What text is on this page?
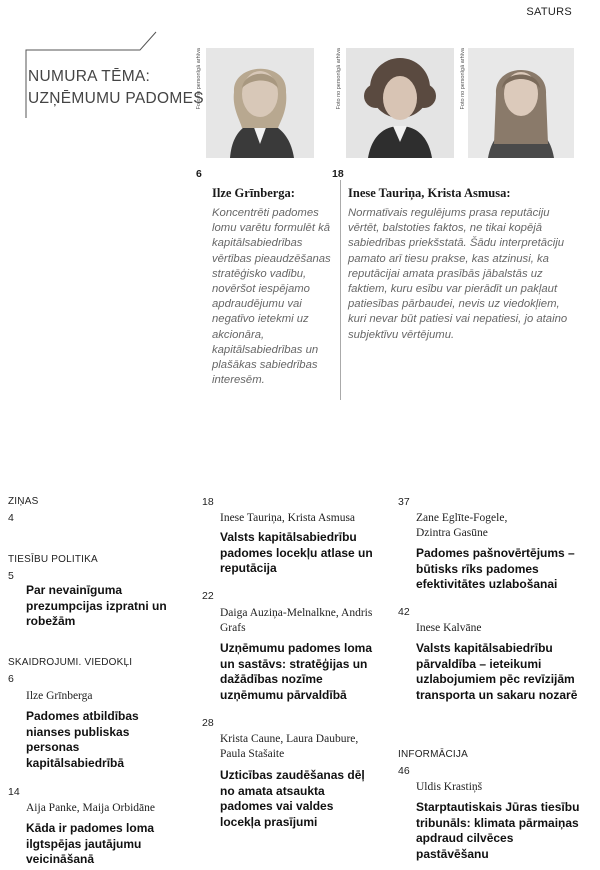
SATURS
NUMURA TĒMA:
UZŅĒMUMU PADOMES
Foto no personīgā arhīva	Foto no personīgā arhīva	Foto no personīgā arhīva
6
Ilze Grīnberga:
Koncentrēti padomes lomu varētu formulēt kā kapitālsabiedrības vērtības pieaudzēšanas stratēģisko vadību, novēršot iespējamo apdraudējumu vai negatīvo ietekmi uz akcionāra, kapitālsabiedrības un plašākas sabiedrības interesēm.
18
Inese Tauriņa, Krista Asmusa:
Normatīvais regulējums prasa reputāciju vērtēt, balstoties faktos, ne tikai kopējā sabiedrības priekšstatā. Šādu interpretāciju pamato arī tiesu prakse, kas atzinusi, ka reputācijai amata prasībās jābalstās uz faktiem, kuru esību var pierādīt un pakļaut patiesības pārbaudei, nevis uz viedokļiem, kuri nevar būt patiesi vai nepatiesi, jo ataino subjektīvu vērtējumu.
ZIŅAS
4
TIESĪBU POLITIKA
5
Par nevainīguma prezumpcijas izpratni un robežām
SKAIDROJUMI. VIEDOKĻI
6
Ilze Grīnberga
Padomes atbildības nianses publiskas personas kapitālsabiedrībā
14
Aija Panke, Maija Orbidāne
Kāda ir padomes loma ilgtspējas jautājumu veicināšanā
18
Inese Tauriņa, Krista Asmusa
Valsts kapitālsabiedrību padomes locekļu atlase un reputācija
22
Daiga Auziņa-Melnalkne, Andris Grafs
Uzņēmumu padomes loma un sastāvs: stratēģijas un dažādības nozīme uzņēmumu pārvaldībā
28
Krista Caune, Laura Daubure, Paula Stašaite
Uzticības zaudēšanas dēļ no amata atsaukta padomes vai valdes locekļa prasījumi
37
Zane Eglīte-Fogele, Dzintra Gasūne
Padomes pašnovērtējums – būtisks rīks padomes efektivitātes uzlabošanai
42
Inese Kalvāne
Valsts kapitālsabiedrību pārvaldība – ieteikumi uzlabojumiem pēc revīzijām transporta un sakaru nozarē
INFORMĀCIJA
46
Uldis Krastiņš
Starptautiskais Jūras tiesību tribunāls: klimata pārmaiņas apdraud cilvēces pastāvēšanu
